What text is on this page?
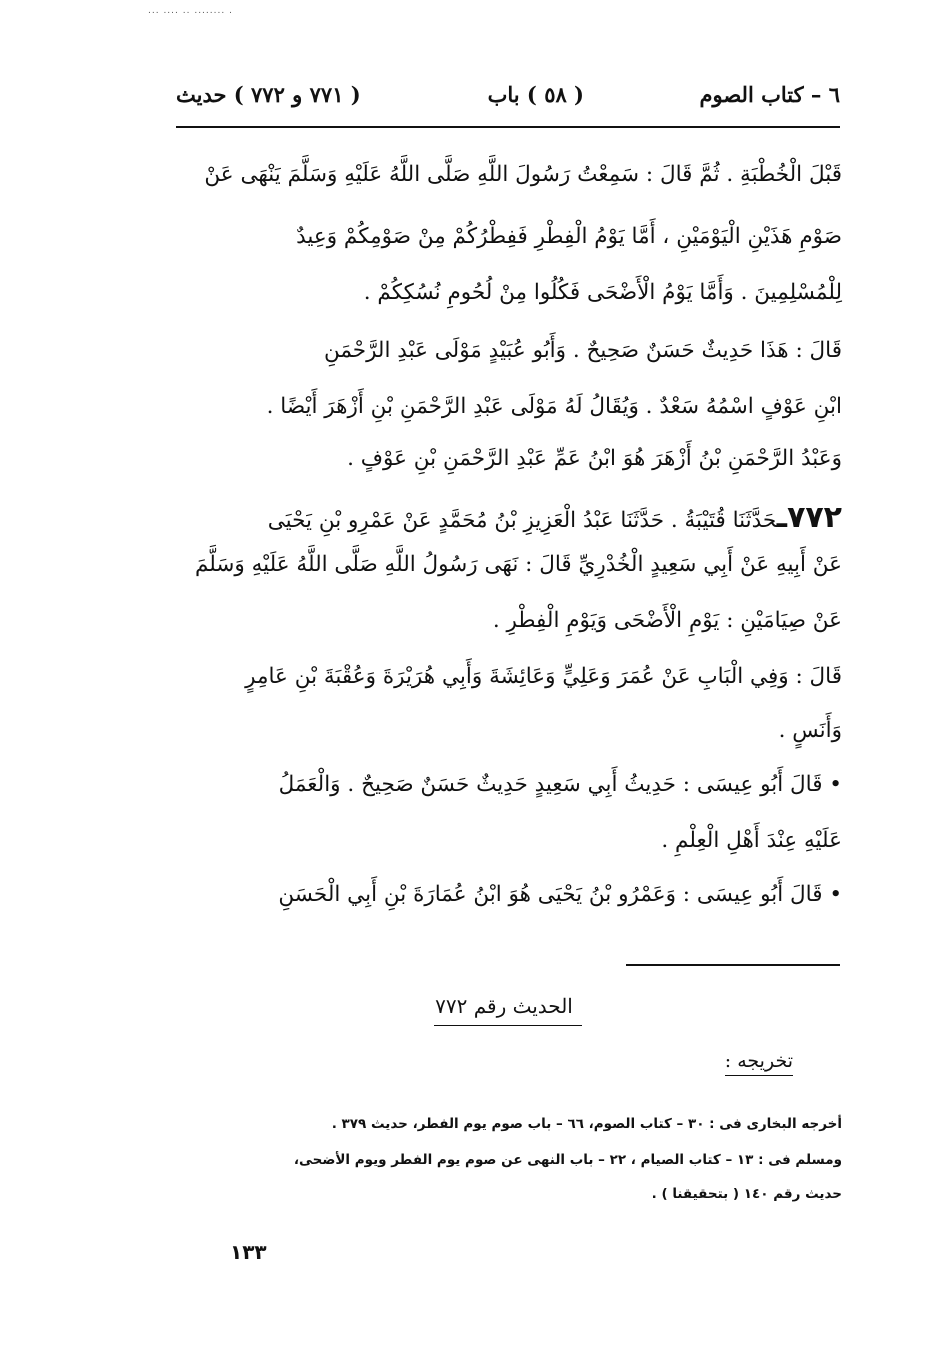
... .... .. ........ .
٦ – كتاب الصوم
( ٥٨ ) باب
( ٧٧١ و ٧٧٢ ) حديث
قَبْلَ الْخُطْبَةِ . ثُمَّ قَالَ : سَمِعْتُ رَسُولَ اللَّهِ صَلَّى اللَّهُ عَلَيْهِ وَسَلَّمَ يَنْهَى عَنْ
صَوْمِ هَذَيْنِ الْيَوْمَيْنِ ، أَمَّا يَوْمُ الْفِطْرِ فَفِطْرُكُمْ مِنْ صَوْمِكُمْ وَعِيدٌ
لِلْمُسْلِمِينَ . وَأَمَّا يَوْمُ الْأَضْحَى فَكُلُوا مِنْ لُحُومِ نُسُكِكُمْ .
قَالَ : هَذَا حَدِيثٌ حَسَنٌ صَحِيحٌ . وَأَبُو عُبَيْدٍ مَوْلَى عَبْدِ الرَّحْمَنِ
ابْنِ عَوْفٍ اسْمُهُ سَعْدٌ . وَيُقَالُ لَهُ مَوْلَى عَبْدِ الرَّحْمَنِ بْنِ أَزْهَرَ أَيْضًا .
وَعَبْدُ الرَّحْمَنِ بْنُ أَزْهَرَ هُوَ ابْنُ عَمِّ عَبْدِ الرَّحْمَنِ بْنِ عَوْفٍ .
٧٧٢ـحَدَّثَنَا قُتَيْبَةُ . حَدَّثَنَا عَبْدُ الْعَزِيزِ بْنُ مُحَمَّدٍ عَنْ عَمْرِو بْنِ يَحْيَى
عَنْ أَبِيهِ عَنْ أَبِي سَعِيدٍ الْخُدْرِيِّ قَالَ : نَهَى رَسُولُ اللَّهِ صَلَّى اللَّهُ عَلَيْهِ وَسَلَّمَ
عَنْ صِيَامَيْنِ : يَوْمِ الْأَضْحَى وَيَوْمِ الْفِطْرِ .
قَالَ : وَفِي الْبَابِ عَنْ عُمَرَ وَعَلِيٍّ وَعَائِشَةَ وَأَبِي هُرَيْرَةَ وَعُقْبَةَ بْنِ عَامِرٍ
وَأَنَسٍ .
• قَالَ أَبُو عِيسَى : حَدِيثُ أَبِي سَعِيدٍ حَدِيثٌ حَسَنٌ صَحِيحٌ . وَالْعَمَلُ
عَلَيْهِ عِنْدَ أَهْلِ الْعِلْمِ .
• قَالَ أَبُو عِيسَى : وَعَمْرُو بْنُ يَحْيَى هُوَ ابْنُ عُمَارَةَ بْنِ أَبِي الْحَسَنِ
الحديث رقم ٧٧٢
تخريجه :
أخرجه البخارى فى : ٣٠ – كتاب الصوم، ٦٦ – باب صوم يوم الفطر، حديث ٣٧٩ .
ومسلم فى : ١٣ – كتاب الصيام ، ٢٢ – باب النهى عن صوم يوم الفطر ويوم الأضحى،
حديث رقم ١٤٠ ( بتحقيقنا ) .
١٣٣
